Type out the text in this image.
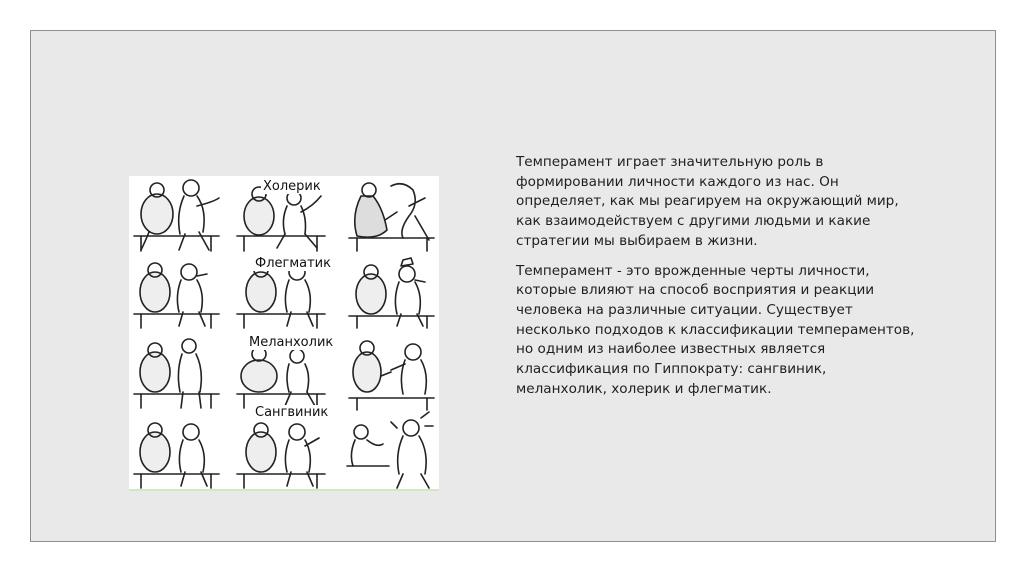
Холерик
Флегматик
Меланхолик
Сангвиник

Темперамент играет значительную роль в формировании личности каждого из нас. Он определяет, как мы реагируем на окружающий мир, как взаимодействуем с другими людьми и какие стратегии мы выбираем в жизни.

Темперамент - это врожденные черты личности, которые влияют на способ восприятия и реакции человека на различные ситуации. Существует несколько подходов к классификации темпераментов, но одним из наиболее известных является классификация по Гиппократу: сангвиник, меланхолик, холерик и флегматик.
